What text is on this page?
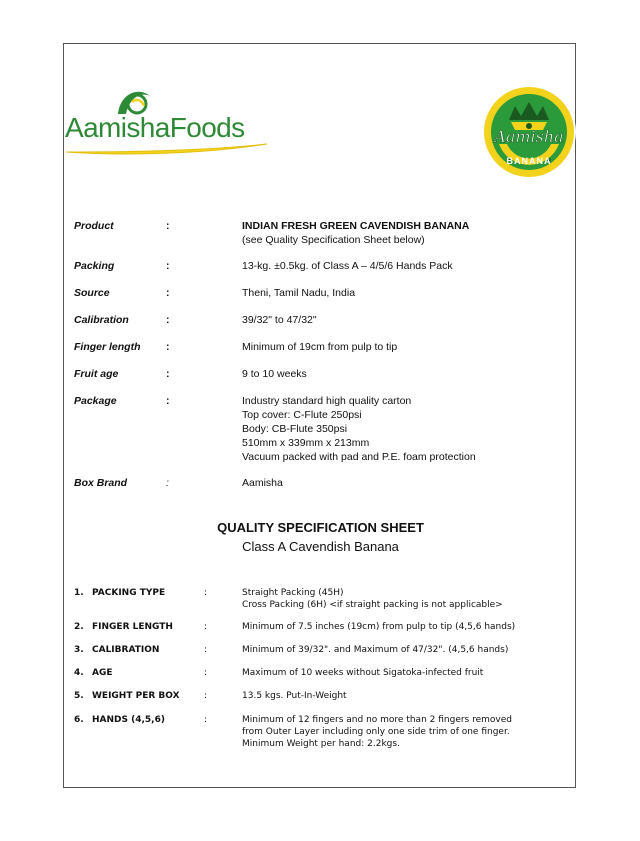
AamishaFoods	Aamisha
BANANA
Product	:	INDIAN FRESH GREEN CAVENDISH BANANA
(see Quality Specification Sheet below)
Packing	:	13-kg. ±0.5kg. of Class A – 4/5/6 Hands Pack
Source	:	Theni, Tamil Nadu, India
Calibration	:	39/32" to 47/32"
Finger length	:	Minimum of 19cm from pulp to tip
Fruit age	:	9 to 10 weeks
Package	:	Industry standard high quality carton
Top cover: C-Flute 250psi
Body: CB-Flute 350psi
510mm x 339mm x 213mm
Vacuum packed with pad and P.E. foam protection
Box Brand	:	Aamisha
QUALITY SPECIFICATION SHEET
Class A Cavendish Banana
1. PACKING TYPE	:	Straight Packing (45H)
Cross Packing (6H) <if straight packing is not applicable>
2. FINGER LENGTH	:	Minimum of 7.5 inches (19cm) from pulp to tip (4,5,6 hands)
3. CALIBRATION	:	Minimum of 39/32". and Maximum of 47/32". (4,5,6 hands)
4. AGE	:	Maximum of 10 weeks without Sigatoka-infected fruit
5. WEIGHT PER BOX	:	13.5 kgs. Put-In-Weight
6. HANDS (4,5,6)	:	Minimum of 12 fingers and no more than 2 fingers removed
from Outer Layer including only one side trim of one finger.
Minimum Weight per hand: 2.2kgs.
